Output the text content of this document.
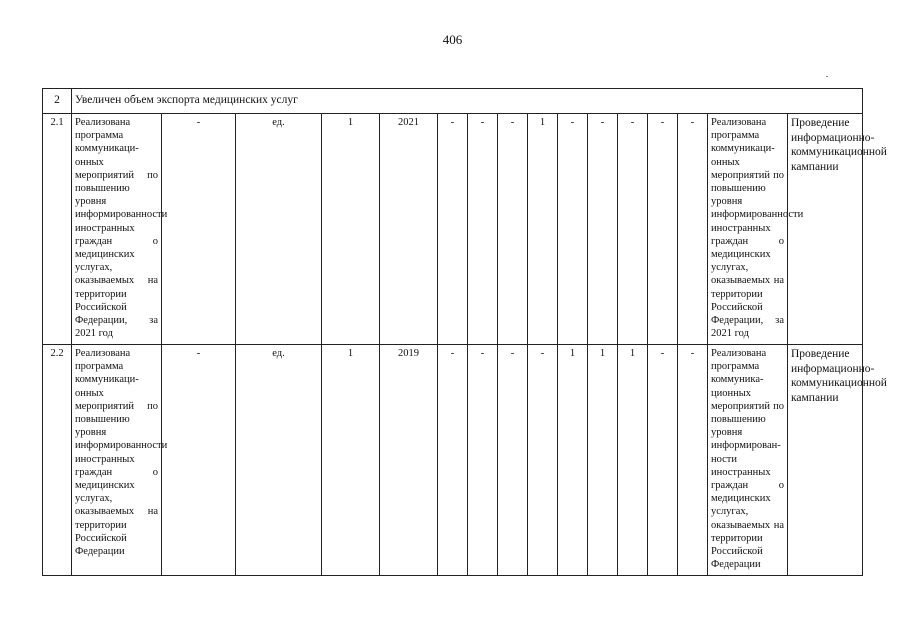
406
2	Увеличен объем экспорта медицинских услуг															
2.1	Реализована программа коммуникаци-онных мероприятий по повышению уровня информированности иностранных граждан о медицинских услугах, оказываемых на территории Российской Федерации, за 2021 год	-	ед.	1	2021	-	-	-	1	-	-	-	-	-	Реализована программа коммуникаци-онных мероприятий по повышению уровня информированности иностранных граждан о медицинских услугах, оказываемых на территории Российской Федерации, за 2021 год	Проведение информационно-коммуникационной кампании
2.2	Реализована программа коммуникаци-онных мероприятий по повышению уровня информированности иностранных граждан о медицинских услугах, оказываемых на территории Российской Федерации	-	ед.	1	2019	-	-	-	-	1	1	1	-	-	Реализована программа коммуника-ционных мероприятий по повышению уровня информирован-ности иностранных граждан о медицинских услугах, оказываемых на территории Российской Федерации	Проведение информационно-коммуникационной кампании
